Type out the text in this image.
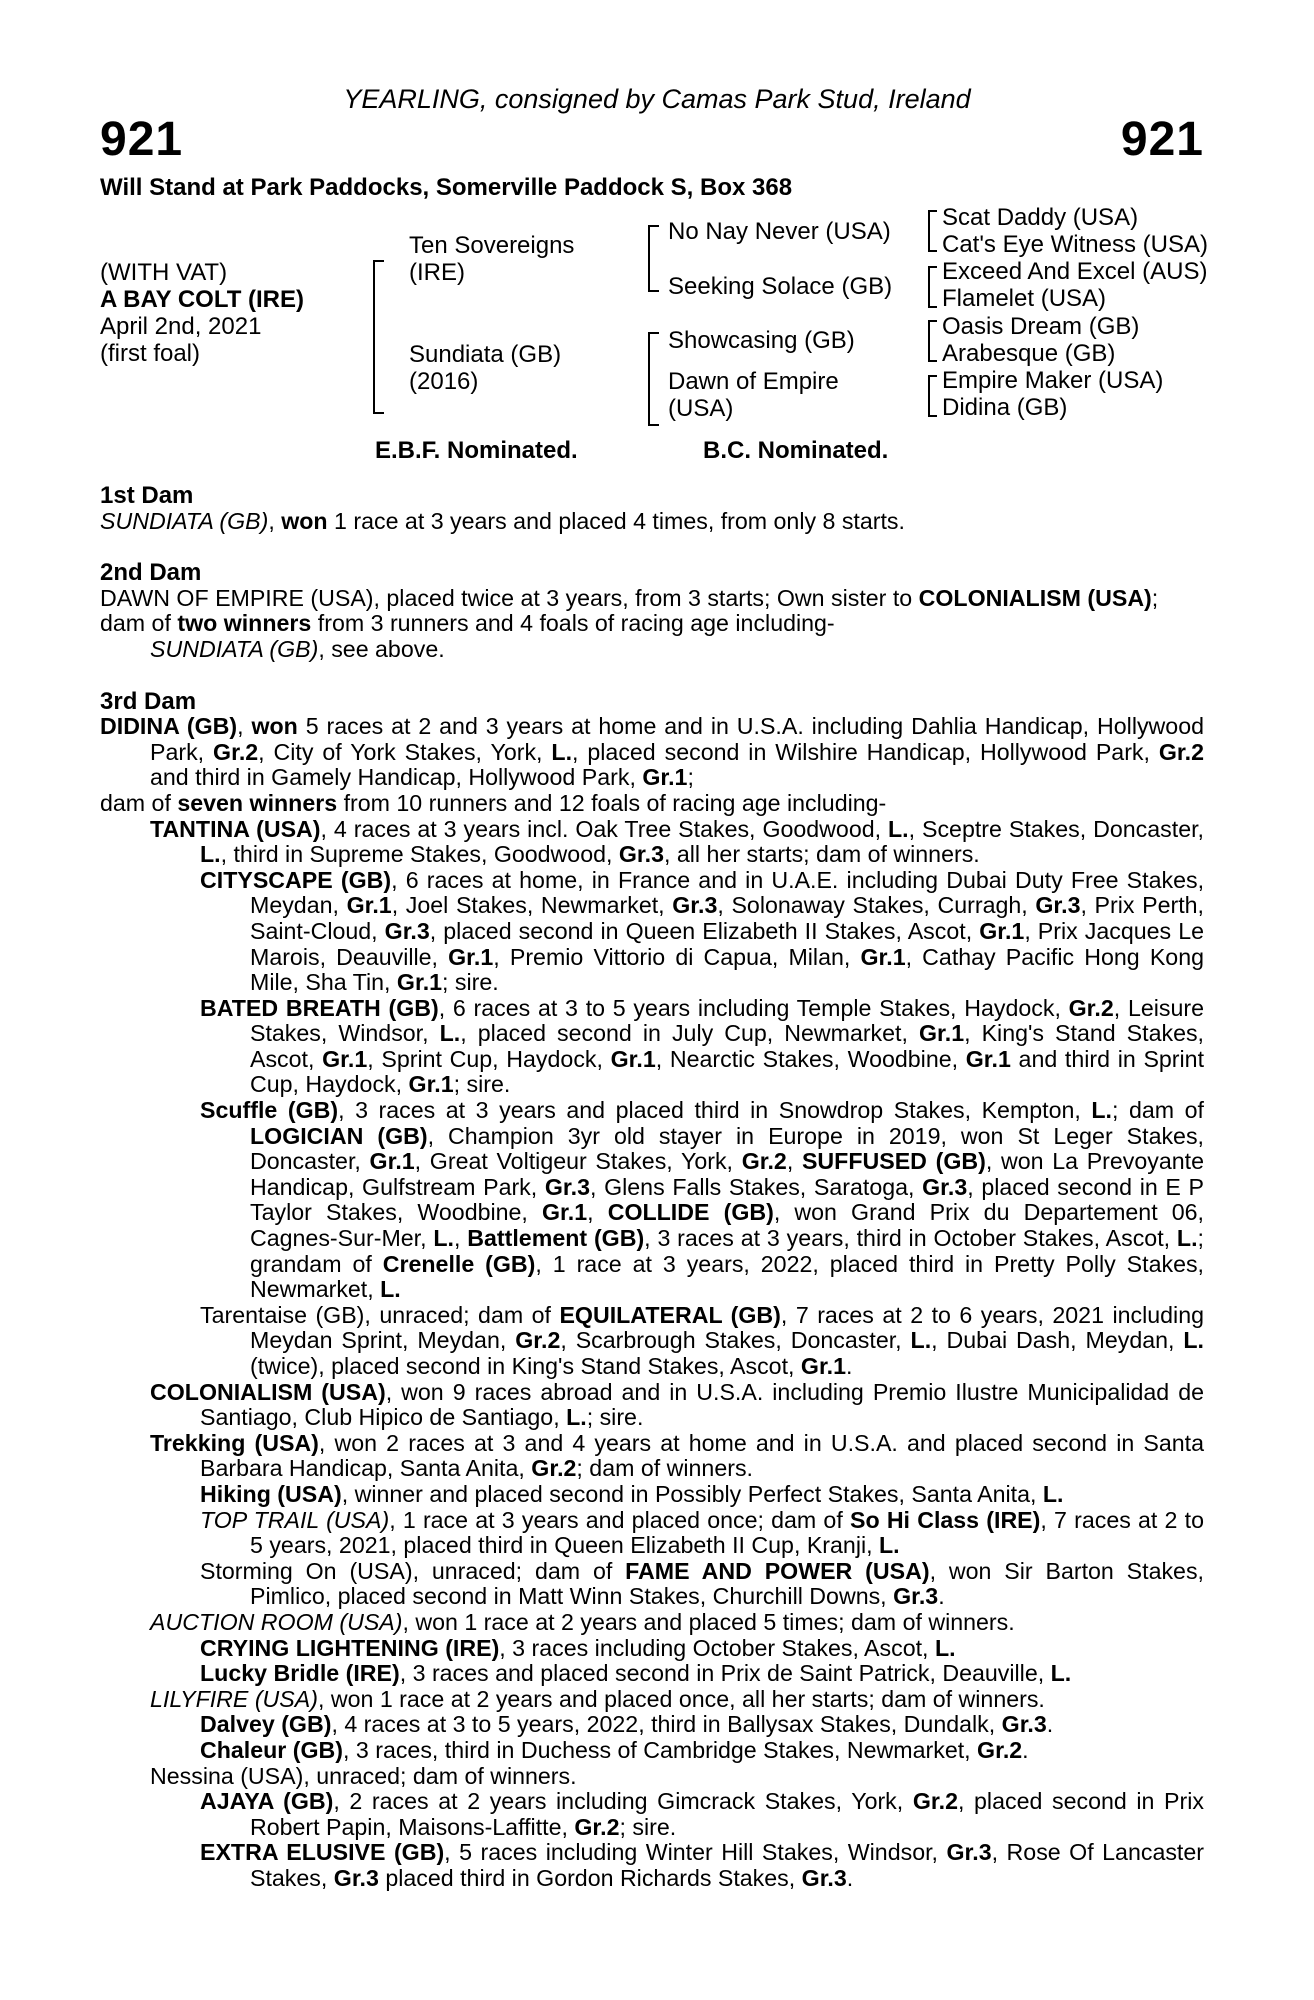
YEARLING, consigned by Camas Park Stud, Ireland
921	921
Will Stand at Park Paddocks, Somerville Paddock S, Box 368
(WITH VAT)
A BAY COLT (IRE)
April 2nd, 2021
(first foal)
Ten Sovereigns
(IRE)
Sundiata (GB)
(2016)
No Nay Never (USA)
Seeking Solace (GB)
Showcasing (GB)
Dawn of Empire
(USA)
Scat Daddy (USA)
Cat's Eye Witness (USA)
Exceed And Excel (AUS)
Flamelet (USA)
Oasis Dream (GB)
Arabesque (GB)
Empire Maker (USA)
Didina (GB)
E.B.F. Nominated.	B.C. Nominated.

1st Dam

SUNDIATA (GB), won 1 race at 3 years and placed 4 times, from only 8 starts.

2nd Dam

DAWN OF EMPIRE (USA), placed twice at 3 years, from 3 starts; Own sister to COLONIALISM (USA);

dam of two winners from 3 runners and 4 foals of racing age including-

SUNDIATA (GB), see above.

3rd Dam

DIDINA (GB), won 5 races at 2 and 3 years at home and in U.S.A. including Dahlia Handicap, Hollywood Park, Gr.2, City of York Stakes, York, L., placed second in Wilshire Handicap, Hollywood Park, Gr.2 and third in Gamely Handicap, Hollywood Park, Gr.1;

dam of seven winners from 10 runners and 12 foals of racing age including-

TANTINA (USA), 4 races at 3 years incl. Oak Tree Stakes, Goodwood, L., Sceptre Stakes, Doncaster, L., third in Supreme Stakes, Goodwood, Gr.3, all her starts; dam of winners.

CITYSCAPE (GB), 6 races at home, in France and in U.A.E. including Dubai Duty Free Stakes, Meydan, Gr.1, Joel Stakes, Newmarket, Gr.3, Solonaway Stakes, Curragh, Gr.3, Prix Perth, Saint-Cloud, Gr.3, placed second in Queen Elizabeth II Stakes, Ascot, Gr.1, Prix Jacques Le Marois, Deauville, Gr.1, Premio Vittorio di Capua, Milan, Gr.1, Cathay Pacific Hong Kong Mile, Sha Tin, Gr.1; sire.

BATED BREATH (GB), 6 races at 3 to 5 years including Temple Stakes, Haydock, Gr.2, Leisure Stakes, Windsor, L., placed second in July Cup, Newmarket, Gr.1, King's Stand Stakes, Ascot, Gr.1, Sprint Cup, Haydock, Gr.1, Nearctic Stakes, Woodbine, Gr.1 and third in Sprint Cup, Haydock, Gr.1; sire.

Scuffle (GB), 3 races at 3 years and placed third in Snowdrop Stakes, Kempton, L.; dam of LOGICIAN (GB), Champion 3yr old stayer in Europe in 2019, won St Leger Stakes, Doncaster, Gr.1, Great Voltigeur Stakes, York, Gr.2, SUFFUSED (GB), won La Prevoyante Handicap, Gulfstream Park, Gr.3, Glens Falls Stakes, Saratoga, Gr.3, placed second in E P Taylor Stakes, Woodbine, Gr.1, COLLIDE (GB), won Grand Prix du Departement 06, Cagnes-Sur-Mer, L., Battlement (GB), 3 races at 3 years, third in October Stakes, Ascot, L.; grandam of Crenelle (GB), 1 race at 3 years, 2022, placed third in Pretty Polly Stakes, Newmarket, L.

Tarentaise (GB), unraced; dam of EQUILATERAL (GB), 7 races at 2 to 6 years, 2021 including Meydan Sprint, Meydan, Gr.2, Scarbrough Stakes, Doncaster, L., Dubai Dash, Meydan, L. (twice), placed second in King's Stand Stakes, Ascot, Gr.1.

COLONIALISM (USA), won 9 races abroad and in U.S.A. including Premio Ilustre Municipalidad de Santiago, Club Hipico de Santiago, L.; sire.

Trekking (USA), won 2 races at 3 and 4 years at home and in U.S.A. and placed second in Santa Barbara Handicap, Santa Anita, Gr.2; dam of winners.

Hiking (USA), winner and placed second in Possibly Perfect Stakes, Santa Anita, L.

TOP TRAIL (USA), 1 race at 3 years and placed once; dam of So Hi Class (IRE), 7 races at 2 to 5 years, 2021, placed third in Queen Elizabeth II Cup, Kranji, L.

Storming On (USA), unraced; dam of FAME AND POWER (USA), won Sir Barton Stakes, Pimlico, placed second in Matt Winn Stakes, Churchill Downs, Gr.3.

AUCTION ROOM (USA), won 1 race at 2 years and placed 5 times; dam of winners.

CRYING LIGHTENING (IRE), 3 races including October Stakes, Ascot, L.

Lucky Bridle (IRE), 3 races and placed second in Prix de Saint Patrick, Deauville, L.

LILYFIRE (USA), won 1 race at 2 years and placed once, all her starts; dam of winners.

Dalvey (GB), 4 races at 3 to 5 years, 2022, third in Ballysax Stakes, Dundalk, Gr.3.

Chaleur (GB), 3 races, third in Duchess of Cambridge Stakes, Newmarket, Gr.2.

Nessina (USA), unraced; dam of winners.

AJAYA (GB), 2 races at 2 years including Gimcrack Stakes, York, Gr.2, placed second in Prix Robert Papin, Maisons-Laffitte, Gr.2; sire.

EXTRA ELUSIVE (GB), 5 races including Winter Hill Stakes, Windsor, Gr.3, Rose Of Lancaster Stakes, Gr.3 placed third in Gordon Richards Stakes, Gr.3.
